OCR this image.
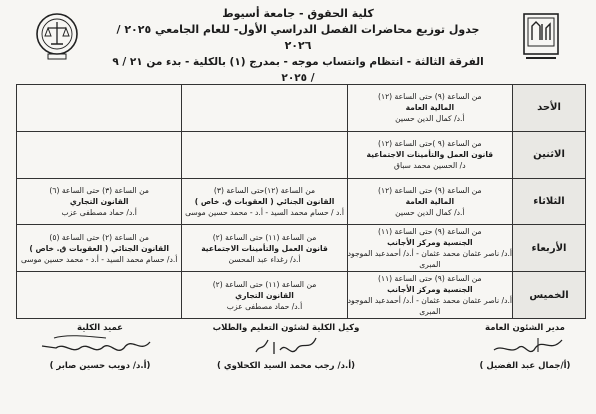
كلية الحقوق - جامعة أسيوط
جدول توزيع محاضرات الفصل الدراسي الأول- للعام الجامعي ٢٠٢٥ / ٢٠٢٦
الفرقة الثالثة - انتظام وانتساب موجه - بمدرج (١) بالكلية - بدء من ٢١ / ٩ / ٢٠٢٥
الأحد	من الساعة (٩) حتى الساعة (١٢)
المالية العامة
أ.د/ كمال الدين حسين		

الاثنين	من الساعة (٩ )حتى الساعة (١٢)
قانون العمل والتأمينات الاجتماعية
د/ الحسين محمد سباق		

الثلاثاء	من الساعة (٩) حتى الساعة (١٢)
المالية العامة
أ.د/ كمال الدين حسين	من الساعة (١٢)حتى الساعة (٣)
القانون الجنائي ( العقوبات ق. خاص )
أ.د / حسام محمد السيد - أ.د - محمد حسين موسى	من الساعة (٣) حتى الساعة (٦)
القانون التجاري
أ.د/ حماد مصطفى عزب

الأربعاء	من الساعة (٩) حتى الساعة (١١)
الجنسية ومركز الأجانب
أ.د/ ناصر عثمان محمد عثمان - أ.د/ أحمدعبد الموجود المبرى	من الساعة (١١) حتى الساعة (٢)
قانون العمل والتأمينات الاجتماعية
أ.د/ رغداء عبد المحسن	من الساعة (٢) حتى الساعة (٥)
القانون الجنائي ( العقوبات ق. خاص )
أ.د/ حسام محمد السيد - أ.د - محمد حسين موسى

الخميس	من الساعة (٩) حتى الساعة (١١)
الجنسية ومركز الأجانب
أ.د/ ناصر عثمان محمد عثمان - أ.د/ أحمدعبد الموجود المبرى	من الساعة (١١) حتى الساعة (٢)
القانون التجاري
أ.د/ حماد مصطفى عزب	

مدير الشئون العامة
(أ/جمال عبد الفضيل )
وكيل الكلية لشئون التعليم والطلاب
(أ.د/ رجب محمد السيد الكحلاوي )
عميد الكلية
(أ.د/ دويب حسين صابر )
